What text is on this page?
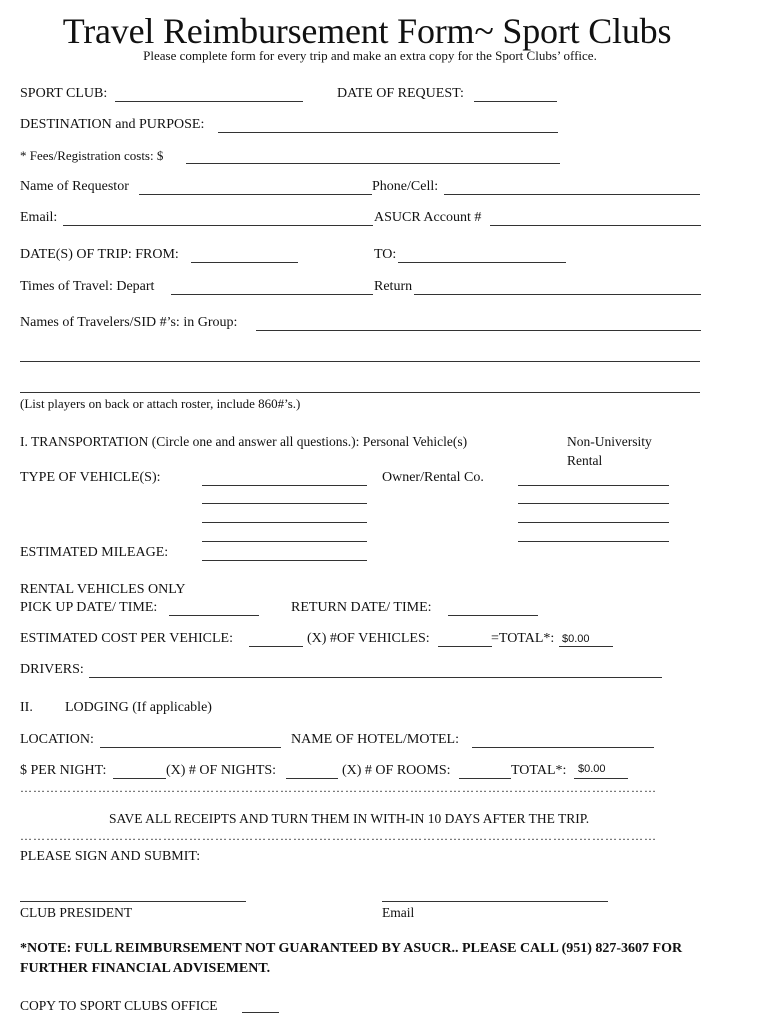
Travel Reimbursement Form~ Sport Clubs
Please complete form for every trip and make an extra copy for the Sport Clubs’ office.
SPORT CLUB:	DATE OF REQUEST:
DESTINATION and PURPOSE:
* Fees/Registration costs: $
Name of Requestor	Phone/Cell:
Email:	ASUCR Account #
DATE(S) OF TRIP: FROM:	TO:
Times of Travel: Depart	Return
Names of Travelers/SID #’s: in Group:
(List players on back or attach roster, include 860#’s.)
I. TRANSPORTATION (Circle one and answer all questions.): Personal Vehicle(s)	Non-University
Rental
TYPE OF VEHICLE(S):	Owner/Rental Co.
ESTIMATED MILEAGE:
RENTAL VEHICLES ONLY
PICK UP DATE/ TIME:	RETURN DATE/ TIME:
ESTIMATED COST PER VEHICLE:	(X) #OF VEHICLES:	=TOTAL*: $0.00
DRIVERS:
II. LODGING (If applicable)
LOCATION:	NAME OF HOTEL/MOTEL:
$ PER NIGHT:	(X) # OF NIGHTS:	(X) # OF ROOMS:	TOTAL*: $0.00
…………………………………………………………………………………………………………………………………
SAVE ALL RECEIPTS AND TURN THEM IN WITH-IN 10 DAYS AFTER THE TRIP.
…………………………………………………………………………………………………………………………………
PLEASE SIGN AND SUBMIT:
CLUB PRESIDENT	Email
*NOTE: FULL REIMBURSEMENT NOT GUARANTEED BY ASUCR.. PLEASE CALL (951) 827-3607 FOR
FURTHER FINANCIAL ADVISEMENT.
COPY TO SPORT CLUBS OFFICE
